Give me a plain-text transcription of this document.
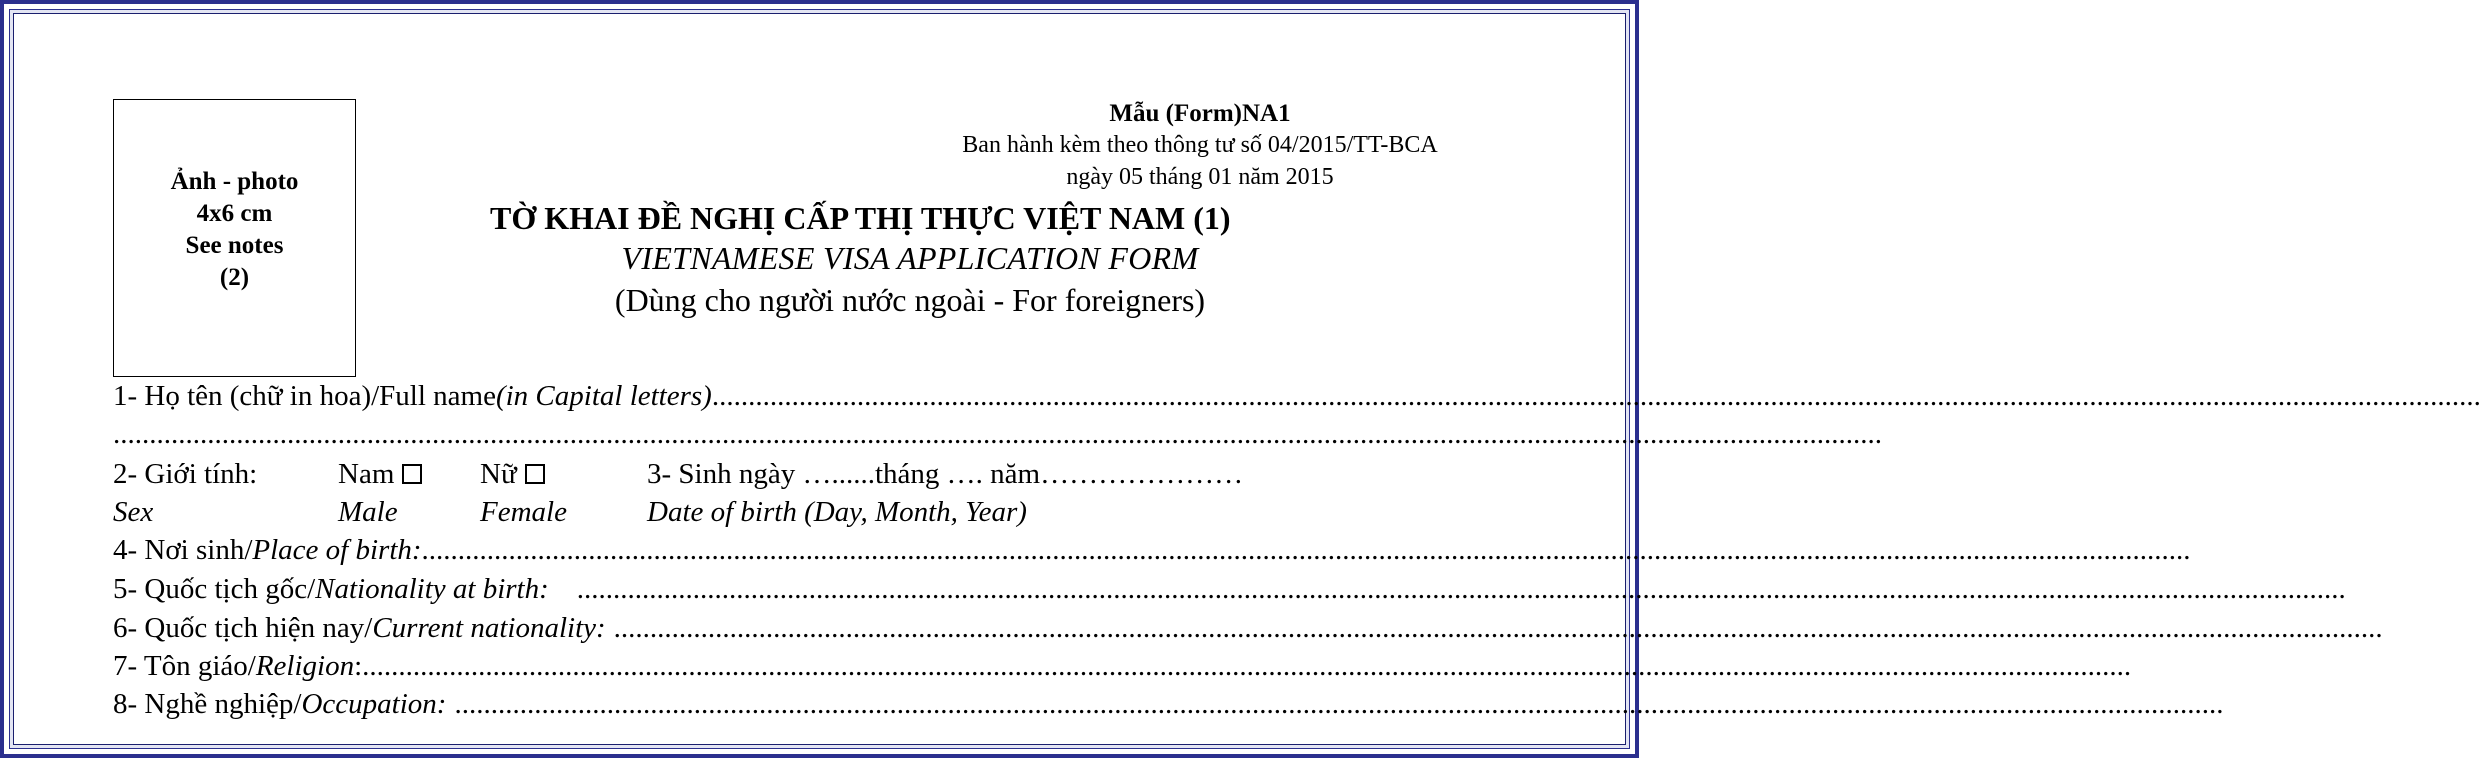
Ảnh - photo
4x6 cm
See notes
(2)
Mẫu (Form)NA1
Ban hành kèm theo thông tư số 04/2015/TT-BCA
ngày 05 tháng 01 năm 2015
TỜ KHAI ĐỀ NGHỊ CẤP THỊ THỰC VIỆT NAM (1)
VIETNAMESE VISA APPLICATION FORM
(Dùng cho người nước ngoài - For foreigners)
1- Họ tên (chữ in hoa)/Full name (in Capital letters) ....................................................................................................................................................................................................................................................
....................................................................................................................................................................................................................................................
2- Giới tính:	Nam	Nữ	3- Sinh ngày …......tháng …. năm…………………
Sex	Male	Female	Date of birth (Day, Month, Year)
4- Nơi sinh/ Place of birth: ....................................................................................................................................................................................................................................................
5- Quốc tịch gốc/ Nationality at birth: ....................................................................................................................................................................................................................................................
6- Quốc tịch hiện nay/ Current nationality: ....................................................................................................................................................................................................................................................
7- Tôn giáo/ Religion : ....................................................................................................................................................................................................................................................
8- Nghề nghiệp/ Occupation: ....................................................................................................................................................................................................................................................
